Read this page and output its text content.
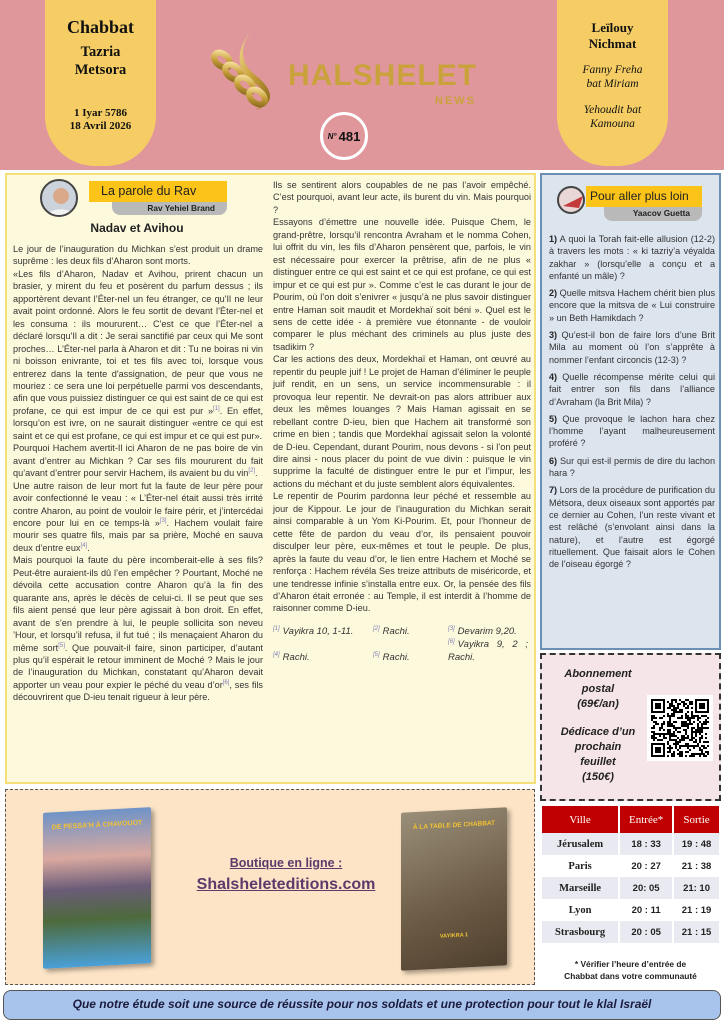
Chabbat
Tazria
Metsora
1 Iyar 5786
18 Avril 2026
HALSHELET
NEWS
N° 481
Leïlouy
Nichmat
Fanny Freha
bat Miriam
Yehoudit bat
Kamouna
La parole du Rav
Rav Yehiel Brand
Nadav et Avihou

Le jour de l’inauguration du Michkan s’est produit un drame suprême : les deux fils d’Aharon sont morts.

«Les fils d’Aharon, Nadav et Avihou, prirent chacun un brasier, y mirent du feu et posèrent du parfum dessus ; ils apportèrent devant l’Éter-nel un feu étranger, ce qu'Il ne leur avait point ordonné. Alors le feu sortit de devant l’Éter-nel et les consuma : ils moururent… C'est ce que l’Éter-nel a déclaré lorsqu'Il a dit : Je serai sanctifié par ceux qui Me sont proches… L’Éter-nel parla à Aharon et dit : Tu ne boiras ni vin ni boisson enivrante, toi et tes fils avec toi, lorsque vous entrerez dans la tente d'assignation, de peur que vous ne mouriez : ce sera une loi perpétuelle parmi vos descendants, afin que vous puissiez distinguer ce qui est saint de ce qui est profane, ce qui est impur de ce qui est pur »[1]. En effet, lorsqu’on est ivre, on ne saurait distinguer «entre ce qui est saint et ce qui est profane, ce qui est impur et ce qui est pur».

Pourquoi Hachem avertit-Il ici Aharon de ne pas boire de vin avant d’entrer au Michkan ? Car ses fils moururent du fait qu’avant d’entrer pour servir Hachem, ils avaient bu du vin[2].

Une autre raison de leur mort fut la faute de leur père pour avoir confectionné le veau : « L’Éter-nel était aussi très irrité contre Aharon, au point de vouloir le faire périr, et j’intercédai encore pour lui en ce temps-là »[3]. Hachem voulait faire mourir ses quatre fils, mais par sa prière, Moché en sauva deux d’entre eux[4].

Mais pourquoi la faute du père incomberait-elle à ses fils? Peut-être auraient-ils dû l’en empêcher ? Pourtant, Moché ne dévoila cette accusation contre Aharon qu’à la fin des quarante ans, après le décès de celui-ci. Il se peut que ses fils aient pensé que leur père agissait à bon droit. En effet, avant de s’en prendre à lui, le peuple sollicita son neveu ’Hour, et lorsqu’il refusa, il fut tué ; ils menaçaient Aharon du même sort[5]. Que pouvait-il faire, sinon participer, d’autant plus qu’il espérait le retour imminent de Moché ? Mais le jour de l’inauguration du Michkan, constatant qu’Aharon devait apporter un veau pour expier le péché du veau d’or[6], ses fils découvrirent que D-ieu tenait rigueur à leur père.

Ils se sentirent alors coupables de ne pas l’avoir empêché. C’est pourquoi, avant leur acte, ils burent du vin. Mais pourquoi ?

Essayons d’émettre une nouvelle idée. Puisque Chem, le grand-prêtre, lorsqu’il rencontra Avraham et le nomma Cohen, lui offrit du vin, les fils d’Aharon pensèrent que, parfois, le vin est nécessaire pour exercer la prêtrise, afin de ne plus « distinguer entre ce qui est saint et ce qui est profane, ce qui est impur et ce qui est pur ». Comme c’est le cas durant le jour de Pourim, où l’on doit s’enivrer « jusqu’à ne plus savoir distinguer entre Haman soit maudit et Mordekhaï soit béni ». Quel est le sens de cette idée - à première vue étonnante - de vouloir comparer le plus méchant des criminels au plus juste des tsadikim ?

Car les actions des deux, Mordekhaï et Haman, ont œuvré au repentir du peuple juif ! Le projet de Haman d’éliminer le peuple juif rendit, en un sens, un service incommensurable : il provoqua leur repentir. Ne devrait-on pas alors attribuer aux deux les mêmes louanges ? Mais Haman agissait en se rebellant contre D-ieu, bien que Hachem ait transformé son crime en bien ; tandis que Mordekhaï agissait selon la volonté de D-ieu. Cependant, durant Pourim, nous devons - si l’on peut dire ainsi - nous placer du point de vue divin : puisque le vin supprime la faculté de distinguer entre le pur et l’impur, les actions du méchant et du juste semblent alors équivalentes.

Le repentir de Pourim pardonna leur péché et ressemble au jour de Kippour. Le jour de l’inauguration du Michkan serait ainsi comparable à un Yom Ki-Pourim. Et, pour l’honneur de cette fête de pardon du veau d’or, ils pensaient pouvoir disculper leur père, eux-mêmes et tout le peuple. De plus, après la faute du veau d’or, le lien entre Hachem et Moché se renforça : Hachem révéla Ses treize attributs de miséricorde, et une tendresse infinie s’installa entre eux. Or, la pensée des fils d’Aharon était erronée : au Temple, il est interdit à l’homme de raisonner comme D-ieu.

[1] Vayikra 10, 1-11.	[2] Rachi.	[3] Devarim 9,20.[4] Rachi.	[5] Rachi.[6] Vayikra 9, 2 ; Rachi.
Pour aller plus loin
Yaacov Guetta
1) A quoi la Torah fait-elle allusion (12-2) à travers les mots : « ki tazriy’a véyalda zakhar » (lorsqu’elle a conçu et a enfanté un mâle) ?
2) Quelle mitsva Hachem chérit bien plus encore que la mitsva de « Lui construire » un Beth Hamikdach ?
3) Qu’est-il bon de faire lors d’une Brit Mila au moment où l’on s’apprête à nommer l’enfant circoncis (12-3) ?
4) Quelle récompense mérite celui qui fait entrer son fils dans l’alliance d’Avraham (la Brit Mila) ?
5) Que provoque le lachon hara chez l’homme l’ayant malheureusement proféré ?
6) Sur qui est-il permis de dire du lachon hara ?
7) Lors de la procédure de purification du Métsora, deux oiseaux sont apportés par ce dernier au Cohen, l’un reste vivant et est relâché (s’envolant ainsi dans la nature), et l’autre est égorgé rituellement. Que faisait alors le Cohen de l’oiseau égorgé ?
Abonnement
postal
(69€/an)
Dédicace d’un
prochain
feuillet
(150€)
Ville	Entrée*	Sortie
Jérusalem	18 : 33	19 : 48
Paris	20 : 27	21 : 38
Marseille	20: 05	21: 10
Lyon	20 : 11	21 : 19
Strasbourg	20 : 05	21 : 15
* Vérifier l’heure d’entrée de
Chabbat dans votre communauté
DE PESSA'H À CHAVOUOT	À LA TABLE DE CHABBAT
VAYIKRA 1
Boutique en ligne :
Shalsheleteditions.com
Que notre étude soit une source de réussite pour nos soldats et une protection pour tout le klal Israël
